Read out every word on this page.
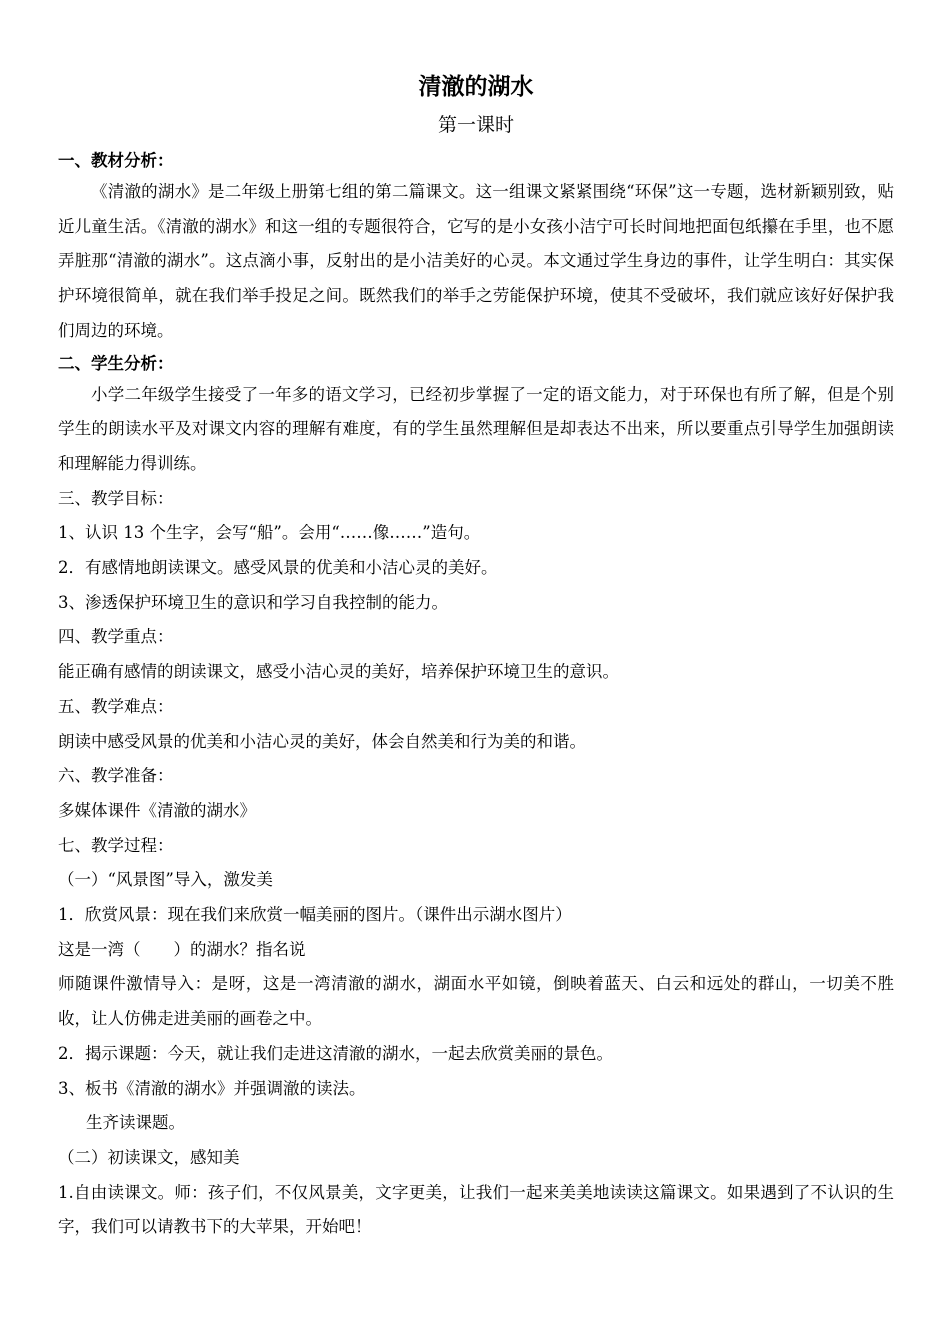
清澈的湖水
第一课时
一、教材分析：

《清澈的湖水》是二年级上册第七组的第二篇课文。这一组课文紧紧围绕“环保”这一专题，选材新颖别致，贴近儿童生活。《清澈的湖水》和这一组的专题很符合，它写的是小女孩小洁宁可长时间地把面包纸攥在手里，也不愿弄脏那“清澈的湖水”。这点滴小事，反射出的是小洁美好的心灵。本文通过学生身边的事件，让学生明白：其实保护环境很简单，就在我们举手投足之间。既然我们的举手之劳能保护环境，使其不受破坏，我们就应该好好保护我们周边的环境。

二、学生分析：

小学二年级学生接受了一年多的语文学习，已经初步掌握了一定的语文能力，对于环保也有所了解，但是个别学生的朗读水平及对课文内容的理解有难度，有的学生虽然理解但是却表达不出来，所以要重点引导学生加强朗读和理解能力得训练。

三、教学目标：
1、认识 13 个生字，会写“船”。会用“……像……”造句。
2．有感情地朗读课文。感受风景的优美和小洁心灵的美好。
3、渗透保护环境卫生的意识和学习自我控制的能力。
四、教学重点：
能正确有感情的朗读课文，感受小洁心灵的美好，培养保护环境卫生的意识。
五、教学难点：
朗读中感受风景的优美和小洁心灵的美好，体会自然美和行为美的和谐。
六、教学准备：
多媒体课件《清澈的湖水》
七、教学过程：
（一）“风景图”导入，激发美
1．欣赏风景：现在我们来欣赏一幅美丽的图片。（课件出示湖水图片）
这是一湾（　　）的湖水？指名说

师随课件激情导入：是呀，这是一湾清澈的湖水，湖面水平如镜，倒映着蓝天、白云和远处的群山，一切美不胜收，让人仿佛走进美丽的画卷之中。

2．揭示课题：今天，就让我们走进这清澈的湖水，一起去欣赏美丽的景色。
3、板书《清澈的湖水》并强调澈的读法。
生齐读课题。
（二）初读课文，感知美

1.自由读课文。师：孩子们，不仅风景美，文字更美，让我们一起来美美地读读这篇课文。如果遇到了不认识的生字，我们可以请教书下的大苹果，开始吧！
